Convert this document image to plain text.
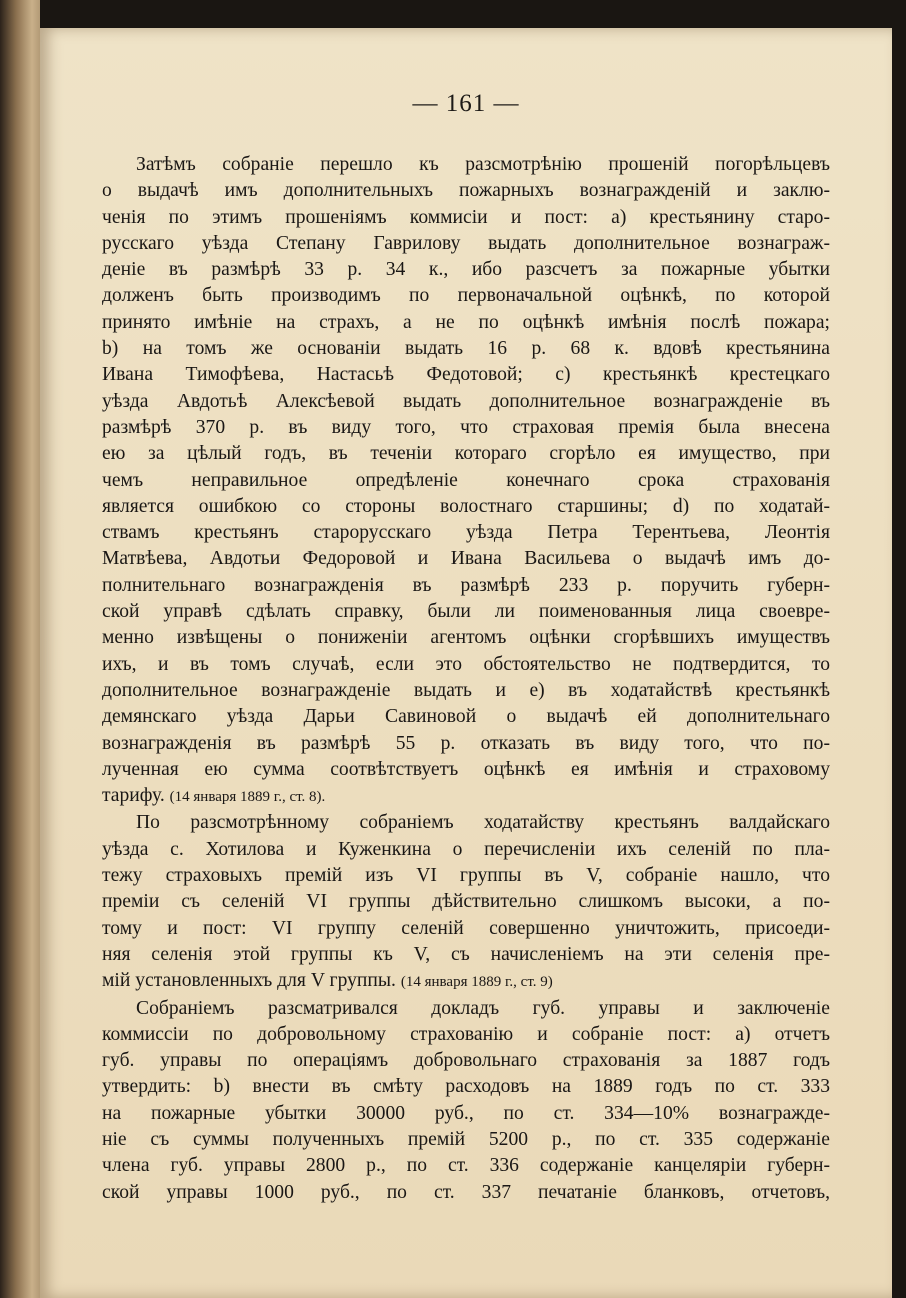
— 161 —
Затѣмъ собраніе перешло къ разсмотрѣнію прошеній погорѣльцевъ
о выдачѣ имъ дополнительныхъ пожарныхъ вознагражденій и заклю-
ченія по этимъ прошеніямъ коммисіи и пост: а) крестьянину старо-
русскаго уѣзда Степану Гаврилову выдать дополнительное вознаграж-
деніе въ размѣрѣ 33 р. 34 к., ибо разсчетъ за пожарные убытки
долженъ быть производимъ по первоначальной оцѣнкѣ, по которой
принято имѣніе на страхъ, а не по оцѣнкѣ имѣнія послѣ пожара;
b) на томъ же основаніи выдать 16 р. 68 к. вдовѣ крестьянина
Ивана Тимофѣева, Настасьѣ Федотовой; с) крестьянкѣ крестецкаго
уѣзда Авдотьѣ Алексѣевой выдать дополнительное вознагражденіе въ
размѣрѣ 370 р. въ виду того, что страховая премія была внесена
ею за цѣлый годъ, въ теченіи котораго сгорѣло ея имущество, при
чемъ неправильное опредѣленіе конечнаго срока страхованія
является ошибкою со стороны волостнаго старшины; d) по ходатай-
ствамъ крестьянъ старорусскаго уѣзда Петра Терентьева, Леонтія
Матвѣева, Авдотьи Федоровой и Ивана Васильева о выдачѣ имъ до-
полнительнаго вознагражденія въ размѣрѣ 233 р. поручить губерн-
ской управѣ сдѣлать справку, были ли поименованныя лица своевре-
менно извѣщены о пониженіи агентомъ оцѣнки сгорѣвшихъ имуществъ
ихъ, и въ томъ случаѣ, если это обстоятельство не подтвердится, то
дополнительное вознагражденіе выдать и е) въ ходатайствѣ крестьянкѣ
демянскаго уѣзда Дарьи Савиновой о выдачѣ ей дополнительнаго
вознагражденія въ размѣрѣ 55 р. отказать въ виду того, что по-
лученная ею сумма соотвѣтствуетъ оцѣнкѣ ея имѣнія и страховому
тарифу. (14 января 1889 г., ст. 8).
По разсмотрѣнному собраніемъ ходатайству крестьянъ валдайскаго
уѣзда с. Хотилова и Куженкина о перечисленіи ихъ селеній по пла-
тежу страховыхъ премій изъ VI группы въ V, собраніе нашло, что
преміи съ селеній VI группы дѣйствительно слишкомъ высоки, а по-
тому и пост: VI группу селеній совершенно уничтожить, присоеди-
няя селенія этой группы къ V, съ начисленіемъ на эти селенія пре-
мій установленныхъ для V группы. (14 января 1889 г., ст. 9)
Собраніемъ разсматривался докладъ губ. управы и заключеніе
коммиссіи по добровольному страхованію и собраніе пост: а) отчетъ
губ. управы по операціямъ добровольнаго страхованія за 1887 годъ
утвердить: b) внести въ смѣту расходовъ на 1889 годъ по ст. 333
на пожарные убытки 30000 руб., по ст. 334—10% вознагражде-
ніе съ суммы полученныхъ премій 5200 р., по ст. 335 содержаніе
члена губ. управы 2800 р., по ст. 336 содержаніе канцеляріи губерн-
ской управы 1000 руб., по ст. 337 печатаніе бланковъ, отчетовъ,
